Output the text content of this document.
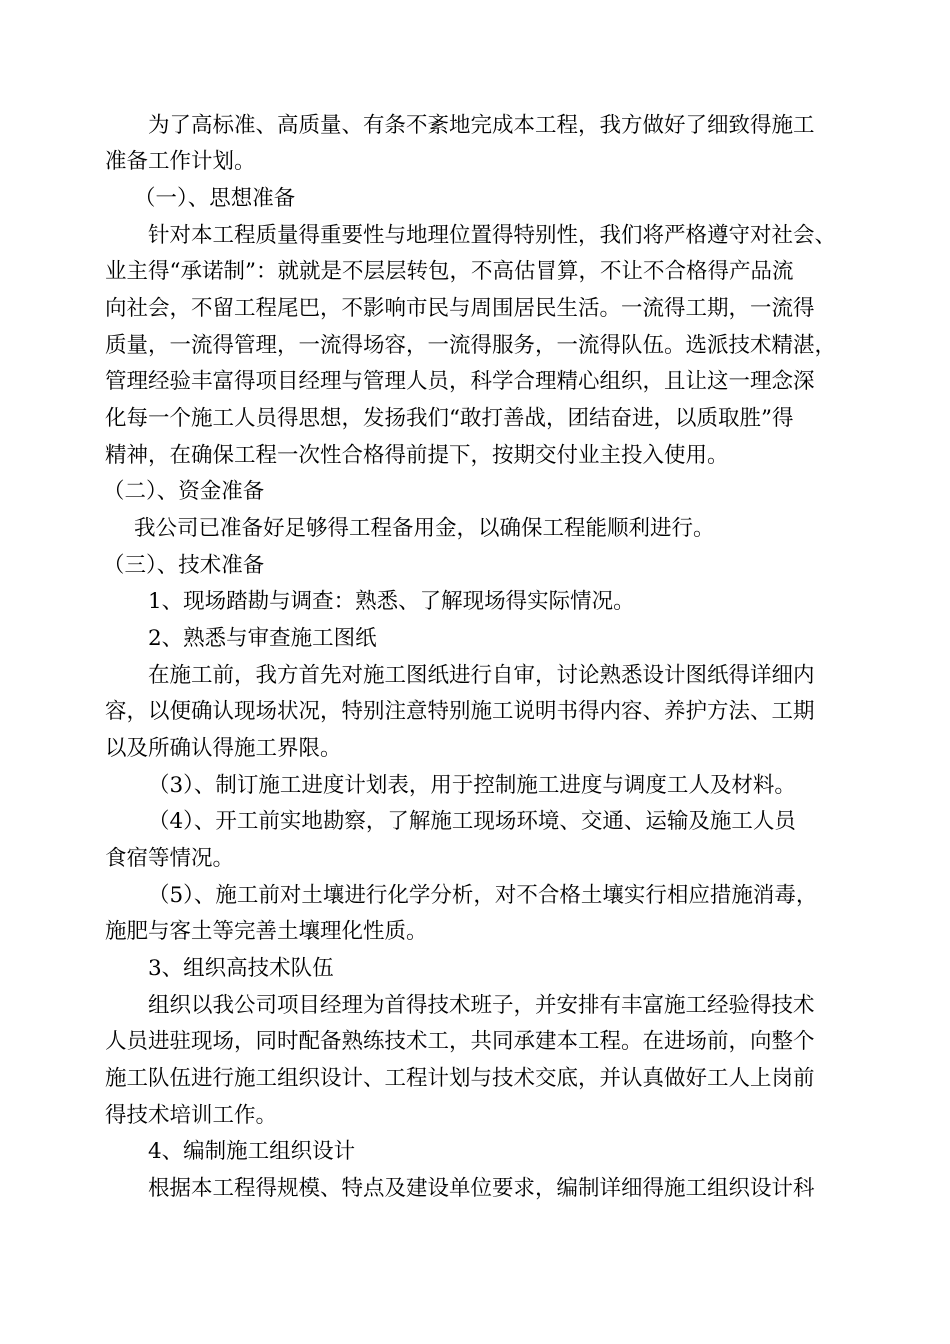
为了高标准、高质量、有条不紊地完成本工程，我方做好了细致得施工
准备工作计划。
（一）、思想准备
针对本工程质量得重要性与地理位置得特别性，我们将严格遵守对社会、
业主得“承诺制”：就就是不层层转包，不高估冒算，不让不合格得产品流
向社会，不留工程尾巴，不影响市民与周围居民生活。一流得工期，一流得
质量，一流得管理，一流得场容，一流得服务，一流得队伍。选派技术精湛，
管理经验丰富得项目经理与管理人员，科学合理精心组织，且让这一理念深
化每一个施工人员得思想，发扬我们“敢打善战，团结奋进，以质取胜”得
精神，在确保工程一次性合格得前提下，按期交付业主投入使用。
（二）、资金准备
我公司已准备好足够得工程备用金，以确保工程能顺利进行。
（三）、技术准备
1、现场踏勘与调查：熟悉、了解现场得实际情况。
2、熟悉与审查施工图纸
在施工前，我方首先对施工图纸进行自审，讨论熟悉设计图纸得详细内
容，以便确认现场状况，特别注意特别施工说明书得内容、养护方法、工期
以及所确认得施工界限。
（3）、制订施工进度计划表，用于控制施工进度与调度工人及材料。
（4）、开工前实地勘察，了解施工现场环境、交通、运输及施工人员
食宿等情况。
（5）、施工前对土壤进行化学分析，对不合格土壤实行相应措施消毒，
施肥与客土等完善土壤理化性质。
3、组织高技术队伍
组织以我公司项目经理为首得技术班子，并安排有丰富施工经验得技术
人员进驻现场，同时配备熟练技术工，共同承建本工程。在进场前，向整个
施工队伍进行施工组织设计、工程计划与技术交底，并认真做好工人上岗前
得技术培训工作。
4、编制施工组织设计
根据本工程得规模、特点及建设单位要求，编制详细得施工组织设计科
